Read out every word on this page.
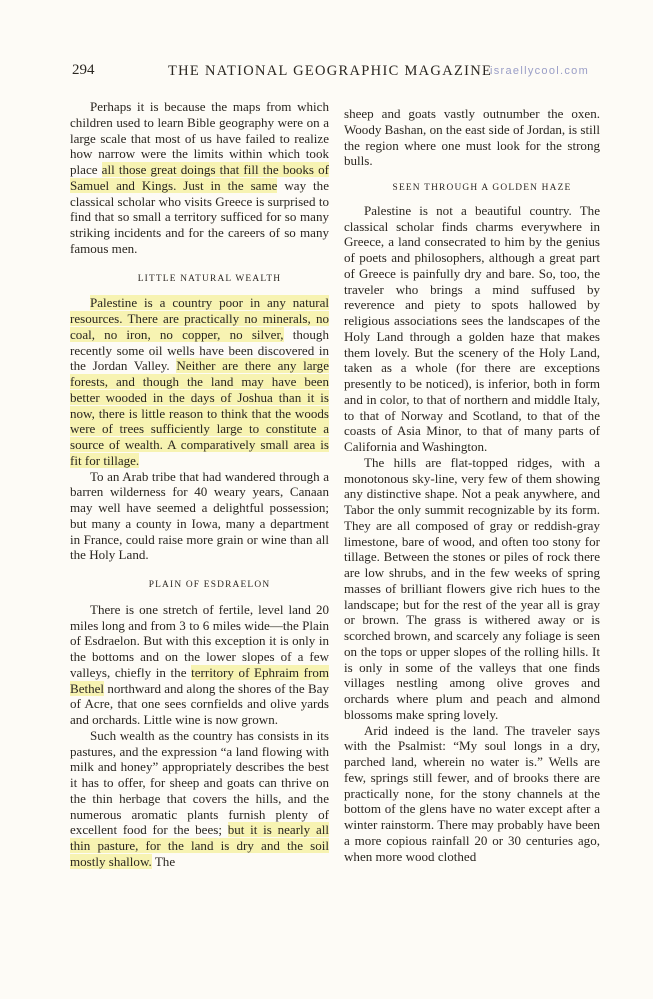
294	THE NATIONAL GEOGRAPHIC MAGAZINE
israellycool.com

Perhaps it is because the maps from which children used to learn Bible geography were on a large scale that most of us have failed to realize how narrow were the limits within which took place all those great doings that fill the books of Samuel and Kings. Just in the same way the classical scholar who visits Greece is surprised to find that so small a territory sufficed for so many striking incidents and for the careers of so many famous men.

LITTLE NATURAL WEALTH

Palestine is a country poor in any natural resources. There are practically no minerals, no coal, no iron, no copper, no silver, though recently some oil wells have been discovered in the Jordan Valley. Neither are there any large forests, and though the land may have been better wooded in the days of Joshua than it is now, there is little reason to think that the woods were of trees sufficiently large to constitute a source of wealth. A comparatively small area is fit for tillage.

To an Arab tribe that had wandered through a barren wilderness for 40 weary years, Canaan may well have seemed a delightful possession; but many a county in Iowa, many a department in France, could raise more grain or wine than all the Holy Land.

PLAIN OF ESDRAELON

There is one stretch of fertile, level land 20 miles long and from 3 to 6 miles wide—the Plain of Esdraelon. But with this exception it is only in the bottoms and on the lower slopes of a few valleys, chiefly in the territory of Ephraim from Bethel northward and along the shores of the Bay of Acre, that one sees cornfields and olive yards and orchards. Little wine is now grown.

Such wealth as the country has consists in its pastures, and the expression “a land flowing with milk and honey” appropriately describes the best it has to offer, for sheep and goats can thrive on the thin herbage that covers the hills, and the numerous aromatic plants furnish plenty of excellent food for the bees; but it is nearly all thin pasture, for the land is dry and the soil mostly shallow. The

sheep and goats vastly outnumber the oxen. Woody Bashan, on the east side of Jordan, is still the region where one must look for the strong bulls.

SEEN THROUGH A GOLDEN HAZE

Palestine is not a beautiful country. The classical scholar finds charms everywhere in Greece, a land consecrated to him by the genius of poets and philosophers, although a great part of Greece is painfully dry and bare. So, too, the traveler who brings a mind suffused by reverence and piety to spots hallowed by religious associations sees the landscapes of the Holy Land through a golden haze that makes them lovely. But the scenery of the Holy Land, taken as a whole (for there are exceptions presently to be noticed), is inferior, both in form and in color, to that of northern and middle Italy, to that of Norway and Scotland, to that of the coasts of Asia Minor, to that of many parts of California and Washington.

The hills are flat-topped ridges, with a monotonous sky-line, very few of them showing any distinctive shape. Not a peak anywhere, and Tabor the only summit recognizable by its form. They are all composed of gray or reddish-gray limestone, bare of wood, and often too stony for tillage. Between the stones or piles of rock there are low shrubs, and in the few weeks of spring masses of brilliant flowers give rich hues to the landscape; but for the rest of the year all is gray or brown. The grass is withered away or is scorched brown, and scarcely any foliage is seen on the tops or upper slopes of the rolling hills. It is only in some of the valleys that one finds villages nestling among olive groves and orchards where plum and peach and almond blossoms make spring lovely.

Arid indeed is the land. The traveler says with the Psalmist: “My soul longs in a dry, parched land, wherein no water is.” Wells are few, springs still fewer, and of brooks there are practically none, for the stony channels at the bottom of the glens have no water except after a winter rainstorm. There may probably have been a more copious rainfall 20 or 30 centuries ago, when more wood clothed
